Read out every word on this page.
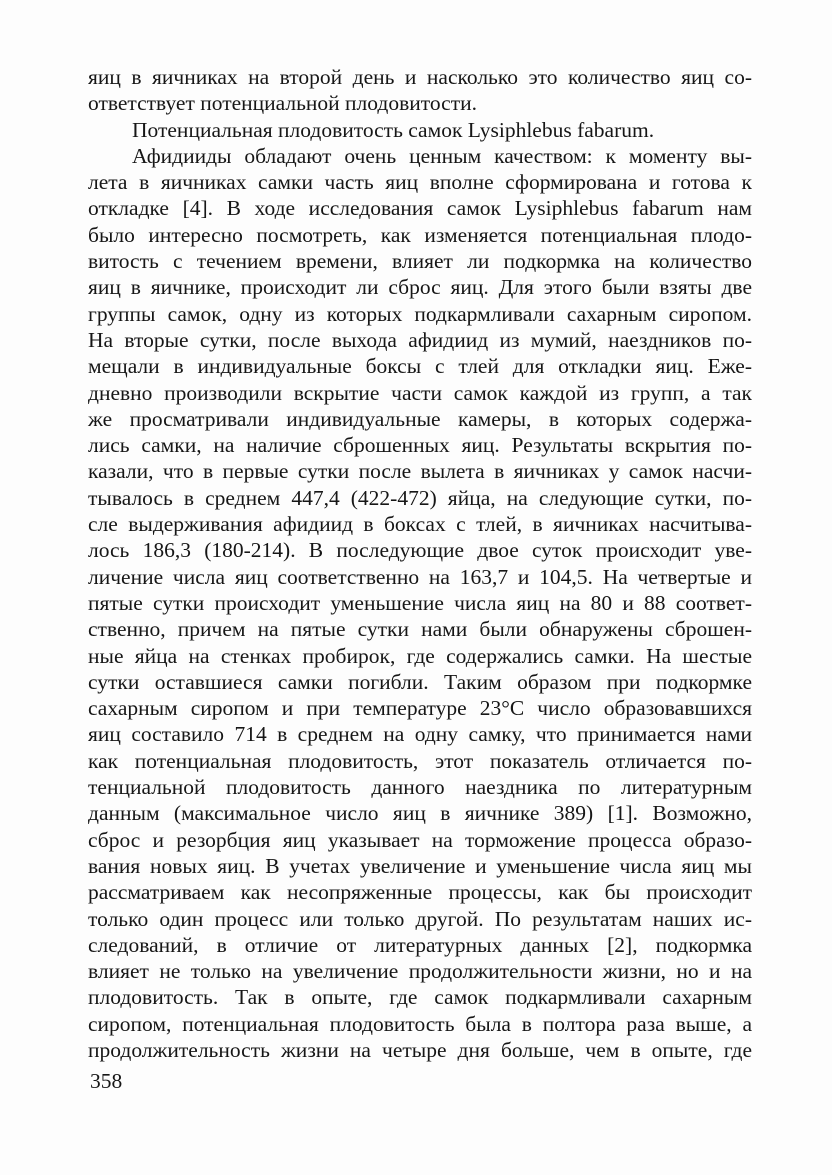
яиц в яичниках на второй день и насколько это количество яиц со-
ответствует потенциальной плодовитости.
Потенциальная плодовитость самок Lysiphlebus fabarum.
Афидииды обладают очень ценным качеством: к моменту вы-
лета в яичниках самки часть яиц вполне сформирована и готова к
откладке [4]. В ходе исследования самок Lysiphlebus fabarum нам
было интересно посмотреть, как изменяется потенциальная плодо-
витость с течением времени, влияет ли подкормка на количество
яиц в яичнике, происходит ли сброс яиц. Для этого были взяты две
группы самок, одну из которых подкармливали сахарным сиропом.
На вторые сутки, после выхода афидиид из мумий, наездников по-
мещали в индивидуальные боксы с тлей для откладки яиц. Еже-
дневно производили вскрытие части самок каждой из групп, а так
же просматривали индивидуальные камеры, в которых содержа-
лись самки, на наличие сброшенных яиц. Результаты вскрытия по-
казали, что в первые сутки после вылета в яичниках у самок насчи-
тывалось в среднем 447,4 (422-472) яйца, на следующие сутки, по-
сле выдерживания афидиид в боксах с тлей, в яичниках насчитыва-
лось 186,3 (180-214). В последующие двое суток происходит уве-
личение числа яиц соответственно на 163,7 и 104,5. На четвертые и
пятые сутки происходит уменьшение числа яиц на 80 и 88 соответ-
ственно, причем на пятые сутки нами были обнаружены сброшен-
ные яйца на стенках пробирок, где содержались самки. На шестые
сутки оставшиеся самки погибли. Таким образом при подкормке
сахарным сиропом и при температуре 23°С число образовавшихся
яиц составило 714 в среднем на одну самку, что принимается нами
как потенциальная плодовитость, этот показатель отличается по-
тенциальной плодовитость данного наездника по литературным
данным (максимальное число яиц в яичнике 389) [1]. Возможно,
сброс и резорбция яиц указывает на торможение процесса образо-
вания новых яиц. В учетах увеличение и уменьшение числа яиц мы
рассматриваем как несопряженные процессы, как бы происходит
только один процесс или только другой. По результатам наших ис-
следований, в отличие от литературных данных [2], подкормка
влияет не только на увеличение продолжительности жизни, но и на
плодовитость. Так в опыте, где самок подкармливали сахарным
сиропом, потенциальная плодовитость была в полтора раза выше, а
продолжительность жизни на четыре дня больше, чем в опыте, где
358
